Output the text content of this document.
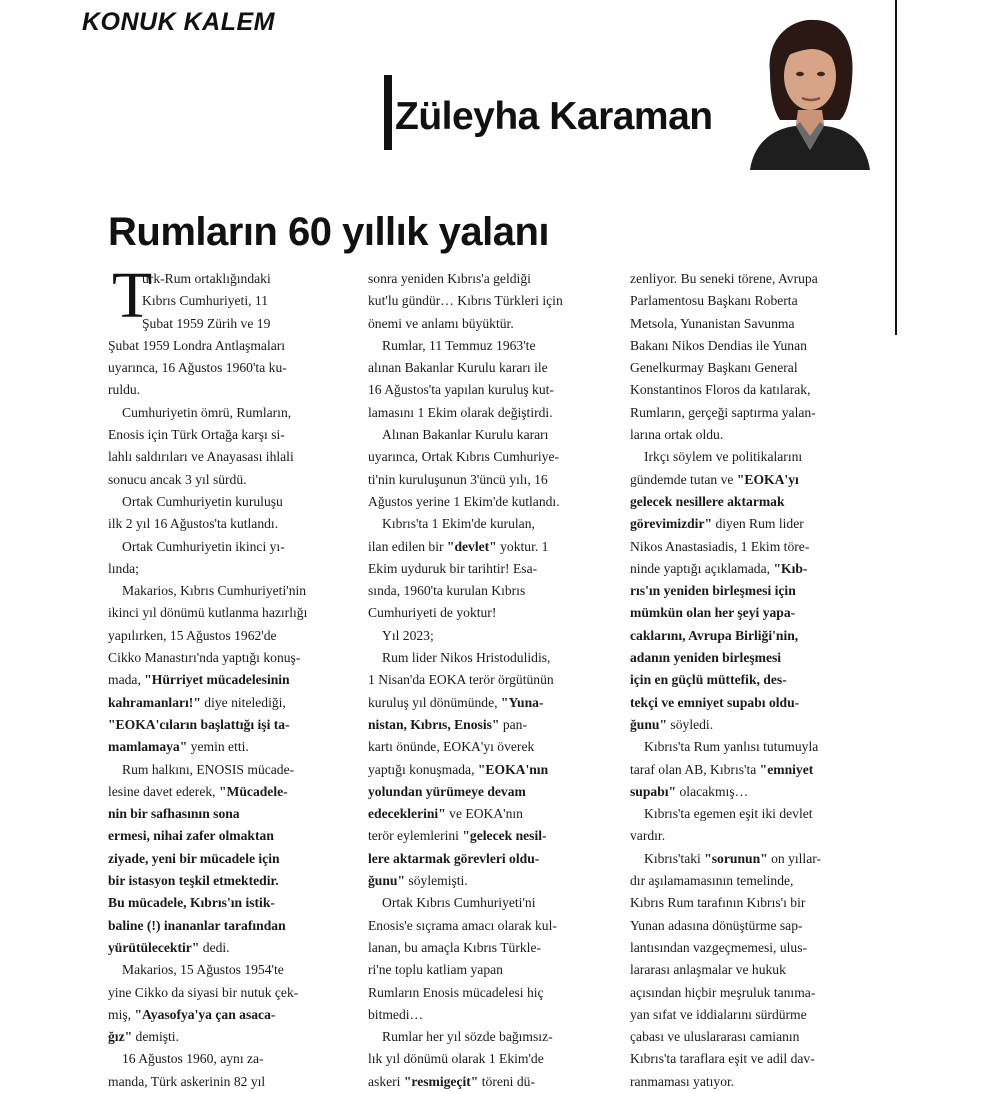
KONUK KALEM
Züleyha Karaman
Rumların 60 yıllık yalanı
T
ürk-Rum ortaklığındaki
Kıbrıs Cumhuriyeti, 11
Şubat 1959 Zürih ve 19
Şubat 1959 Londra Antlaşmaları
uyarınca, 16 Ağustos 1960'ta ku-
ruldu.
Cumhuriyetin ömrü, Rumların,
Enosis için Türk Ortağa karşı si-
lahlı saldırıları ve Anayasası ihlali
sonucu ancak 3 yıl sürdü.
Ortak Cumhuriyetin kuruluşu
ilk 2 yıl 16 Ağustos'ta kutlandı.
Ortak Cumhuriyetin ikinci yı-
lında;
Makarios, Kıbrıs Cumhuriyeti'nin
ikinci yıl dönümü kutlanma hazırlığı
yapılırken, 15 Ağustos 1962'de
Cikko Manastırı'nda yaptığı konuş-
mada, "Hürriyet mücadelesinin
kahramanları!" diye nitelediği,
"EOKA'cıların başlattığı işi ta-
mamlamaya" yemin etti.
Rum halkını, ENOSIS mücade-
lesine davet ederek, "Mücadele-
nin bir safhasının sona
ermesi, nihai zafer olmaktan
ziyade, yeni bir mücadele için
bir istasyon teşkil etmektedir.
Bu mücadele, Kıbrıs'ın istik-
baline (!) inananlar tarafından
yürütülecektir" dedi.
Makarios, 15 Ağustos 1954'te
yine Cikko da siyasi bir nutuk çek-
miş, "Ayasofya'ya çan asaca-
ğız" demişti.
16 Ağustos 1960, aynı za-
manda, Türk askerinin 82 yıl
sonra yeniden Kıbrıs'a geldiği
kut'lu gündür… Kıbrıs Türkleri için
önemi ve anlamı büyüktür.
Rumlar, 11 Temmuz 1963'te
alınan Bakanlar Kurulu kararı ile
16 Ağustos'ta yapılan kuruluş kut-
lamasını 1 Ekim olarak değiştirdi.
Alınan Bakanlar Kurulu kararı
uyarınca, Ortak Kıbrıs Cumhuriye-
ti'nin kuruluşunun 3'üncü yılı, 16
Ağustos yerine 1 Ekim'de kutlandı.
Kıbrıs'ta 1 Ekim'de kurulan,
ilan edilen bir "devlet" yoktur. 1
Ekim uyduruk bir tarihtir! Esa-
sında, 1960'ta kurulan Kıbrıs
Cumhuriyeti de yoktur!
Yıl 2023;
Rum lider Nikos Hristodulidis,
1 Nisan'da EOKA terör örgütünün
kuruluş yıl dönümünde, "Yuna-
nistan, Kıbrıs, Enosis" pan-
kartı önünde, EOKA'yı överek
yaptığı konuşmada, "EOKA'nın
yolundan yürümeye devam
edeceklerini" ve EOKA'nın
terör eylemlerini "gelecek nesil-
lere aktarmak görevleri oldu-
ğunu" söylemişti.
Ortak Kıbrıs Cumhuriyeti'ni
Enosis'e sıçrama amacı olarak kul-
lanan, bu amaçla Kıbrıs Türkle-
ri'ne toplu katliam yapan
Rumların Enosis mücadelesi hiç
bitmedi…
Rumlar her yıl sözde bağımsız-
lık yıl dönümü olarak 1 Ekim'de
askeri "resmigeçit" töreni dü-
zenliyor. Bu seneki törene, Avrupa
Parlamentosu Başkanı Roberta
Metsola, Yunanistan Savunma
Bakanı Nikos Dendias ile Yunan
Genelkurmay Başkanı General
Konstantinos Floros da katılarak,
Rumların, gerçeği saptırma yalan-
larına ortak oldu.
Irkçı söylem ve politikalarını
gündemde tutan ve "EOKA'yı
gelecek nesillere aktarmak
görevimizdir" diyen Rum lider
Nikos Anastasiadis, 1 Ekim töre-
ninde yaptığı açıklamada, "Kıb-
rıs'ın yeniden birleşmesi için
mümkün olan her şeyi yapa-
caklarını, Avrupa Birliği'nin,
adanın yeniden birleşmesi
için en güçlü müttefik, des-
tekçi ve emniyet supabı oldu-
ğunu" söyledi.
Kıbrıs'ta Rum yanlısı tutumuyla
taraf olan AB, Kıbrıs'ta "emniyet
supabı" olacakmış…
Kıbrıs'ta egemen eşit iki devlet
vardır.
Kıbrıs'taki "sorunun" on yıllar-
dır aşılamamasının temelinde,
Kıbrıs Rum tarafının Kıbrıs'ı bir
Yunan adasına dönüştürme sap-
lantısından vazgeçmemesi, ulus-
lararası anlaşmalar ve hukuk
açısından hiçbir meşruluk tanıma-
yan sıfat ve iddialarını sürdürme
çabası ve uluslararası camianın
Kıbrıs'ta taraflara eşit ve adil dav-
ranmaması yatıyor.
